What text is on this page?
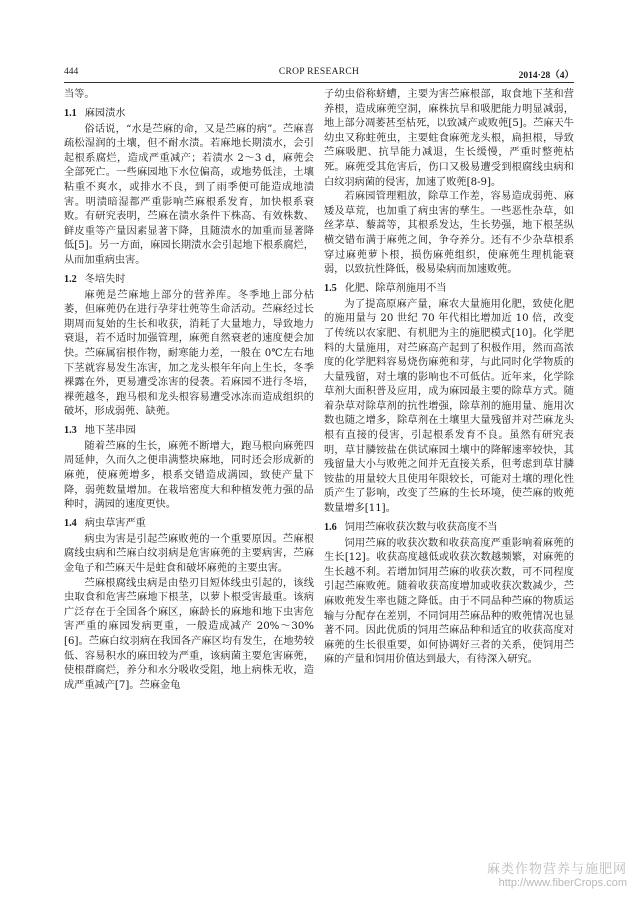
444	CROP RESEARCH	2014·28（4）

当等。

1.1 麻园渍水

俗话说，“水是苎麻的命，又是苎麻的病”。苎麻喜疏松湿润的土壤，但不耐水渍。若麻地长期渍水，会引起根系腐烂，造成严重减产；若渍水 2～3 d，麻蔸会全部死亡。一些麻园地下水位偏高，或地势低洼，土壤粘重不爽水，或排水不良，到了雨季便可能造成地渍害。明渍暗湿都严重影响苎麻根系发育，加快根系衰败。有研究表明，苎麻在渍水条件下株高、有效株数、鲜皮重等产量因素显著下降，且随渍水的加重而显著降低[5]。另一方面，麻园长期渍水会引起地下根系腐烂，从而加重病虫害。

1.2 冬培失时

麻蔸是苎麻地上部分的营养库。冬季地上部分枯萎，但麻蔸仍在进行孕芽壮蔸等生命活动。苎麻经过长期周而复始的生长和收获，消耗了大量地力，导致地力衰退，若不适时加强管理，麻蔸自然衰老的速度便会加快。苎麻属宿根作物，耐寒能力差，一般在 0℃左右地下茎就容易发生冻害，加之龙头根年年向上生长，冬季裸露在外，更易遭受冻害的侵袭。若麻园不进行冬培，裸蔸越冬，跑马根和龙头根容易遭受冰冻而造成组织的破坏，形成弱蔸、缺蔸。

1.3 地下茎串园

随着苎麻的生长，麻蔸不断增大，跑马根向麻蔸四周延伸，久而久之便串满整块麻地，同时还会形成新的麻蔸，使麻蔸增多，根系交错造成满园，致使产量下降，弱蔸数量增加。在栽培密度大和种植发蔸力强的品种时，满园的速度更快。

1.4 病虫草害严重

病虫为害是引起苎麻败蔸的一个重要原因。苎麻根腐线虫病和苎麻白纹羽病是危害麻蔸的主要病害，苎麻金龟子和苎麻天牛是蛀食和破坏麻蔸的主要虫害。

苎麻根腐线虫病是由垫刃目短体线虫引起的，该线虫取食和危害苎麻地下根茎，以萝卜根受害最重。该病广泛存在于全国各个麻区，麻龄长的麻地和地下虫害危害严重的麻园发病更重，一般造成减产 20%～30%[6]。苎麻白纹羽病在我国各产麻区均有发生，在地势较低、容易积水的麻田较为严重，该病菌主要危害麻蔸，使根群腐烂，养分和水分吸收受阻，地上病株无收，造成严重减产[7]。苎麻金龟

子幼虫俗称蛴螬，主要为害苎麻根部，取食地下茎和营养根，造成麻蔸空洞，麻株抗旱和吸肥能力明显减弱，地上部分凋萎甚至枯死，以致减产或败蔸[5]。苎麻天牛幼虫又称蛀蔸虫，主要蛀食麻蔸龙头根，扁担根，导致苎麻吸肥、抗旱能力减退，生长缓慢，严重时整蔸枯死。麻蔸受其危害后，伤口又极易遭受到根腐线虫病和白纹羽病菌的侵害，加速了败蔸[8-9]。

若麻园管理粗放，除草工作差，容易造成弱蔸、麻矮及草荒，也加重了病虫害的孳生。一些恶性杂草，如丝茅草、藜蒿等，其根系发达，生长势强，地下根茎纵横交错布满于麻蔸之间，争夺养分。还有不少杂草根系穿过麻蔸萝卜根，损伤麻蔸组织，使麻蔸生理机能衰弱，以致抗性降低，极易染病而加速败蔸。

1.5 化肥、除草剂施用不当

为了提高原麻产量，麻农大量施用化肥，致使化肥的施用量与 20 世纪 70 年代相比增加近 10 倍，改变了传统以农家肥、有机肥为主的施肥模式[10]。化学肥料的大量施用，对苎麻高产起到了积极作用，然而高浓度的化学肥料容易烧伤麻蔸和芽，与此同时化学物质的大量残留，对土壤的影响也不可低估。近年来，化学除草剂大面积普及应用，成为麻园最主要的除草方式。随着杂草对除草剂的抗性增强，除草剂的施用量、施用次数也随之增多，除草剂在土壤里大量残留并对苎麻龙头根有直接的侵害，引起根系发育不良。虽然有研究表明，草甘膦铵盐在供试麻园土壤中的降解速率较快，其残留量大小与败蔸之间并无直接关系，但考虑到草甘膦铵盐的用量较大且使用年限较长，可能对土壤的理化性质产生了影响，改变了苎麻的生长环境，使苎麻的败蔸数量增多[11]。

1.6 饲用苎麻收获次数与收获高度不当

饲用苎麻的收获次数和收获高度严重影响着麻蔸的生长[12]。收获高度越低或收获次数越频繁，对麻蔸的生长越不利。若增加饲用苎麻的收获次数，可不同程度引起苎麻败蔸。随着收获高度增加或收获次数减少，苎麻败蔸发生率也随之降低。由于不同品种苎麻的物质运输与分配存在差别，不同饲用苎麻品种的败蔸情况也显著不同。因此优质的饲用苎麻品种和适宜的收获高度对麻蔸的生长很重要，如何协调好三者的关系，使饲用苎麻的产量和饲用价值达到最大，有待深入研究。

麻类作物营养与施肥网
http://www.fiberCrops.com
